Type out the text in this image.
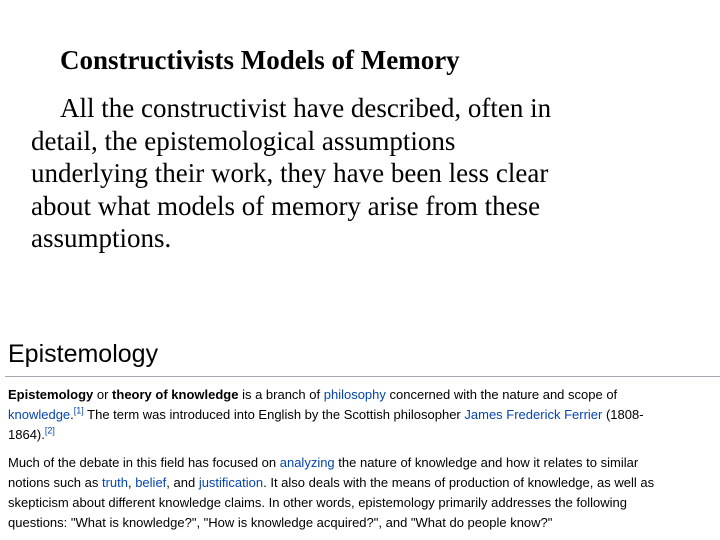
Constructivists Models of Memory
All the constructivist have described, often in
detail, the epistemological assumptions
underlying their work, they have been less clear
about what models of memory arise from these
assumptions.
Epistemology

Epistemology or theory of knowledge is a branch of philosophy concerned with the nature and scope of
knowledge.[1] The term was introduced into English by the Scottish philosopher James Frederick Ferrier (1808-
1864).[2]

Much of the debate in this field has focused on analyzing the nature of knowledge and how it relates to similar
notions such as truth, belief, and justification. It also deals with the means of production of knowledge, as well as
skepticism about different knowledge claims. In other words, epistemology primarily addresses the following
questions: "What is knowledge?", "How is knowledge acquired?", and "What do people know?"
